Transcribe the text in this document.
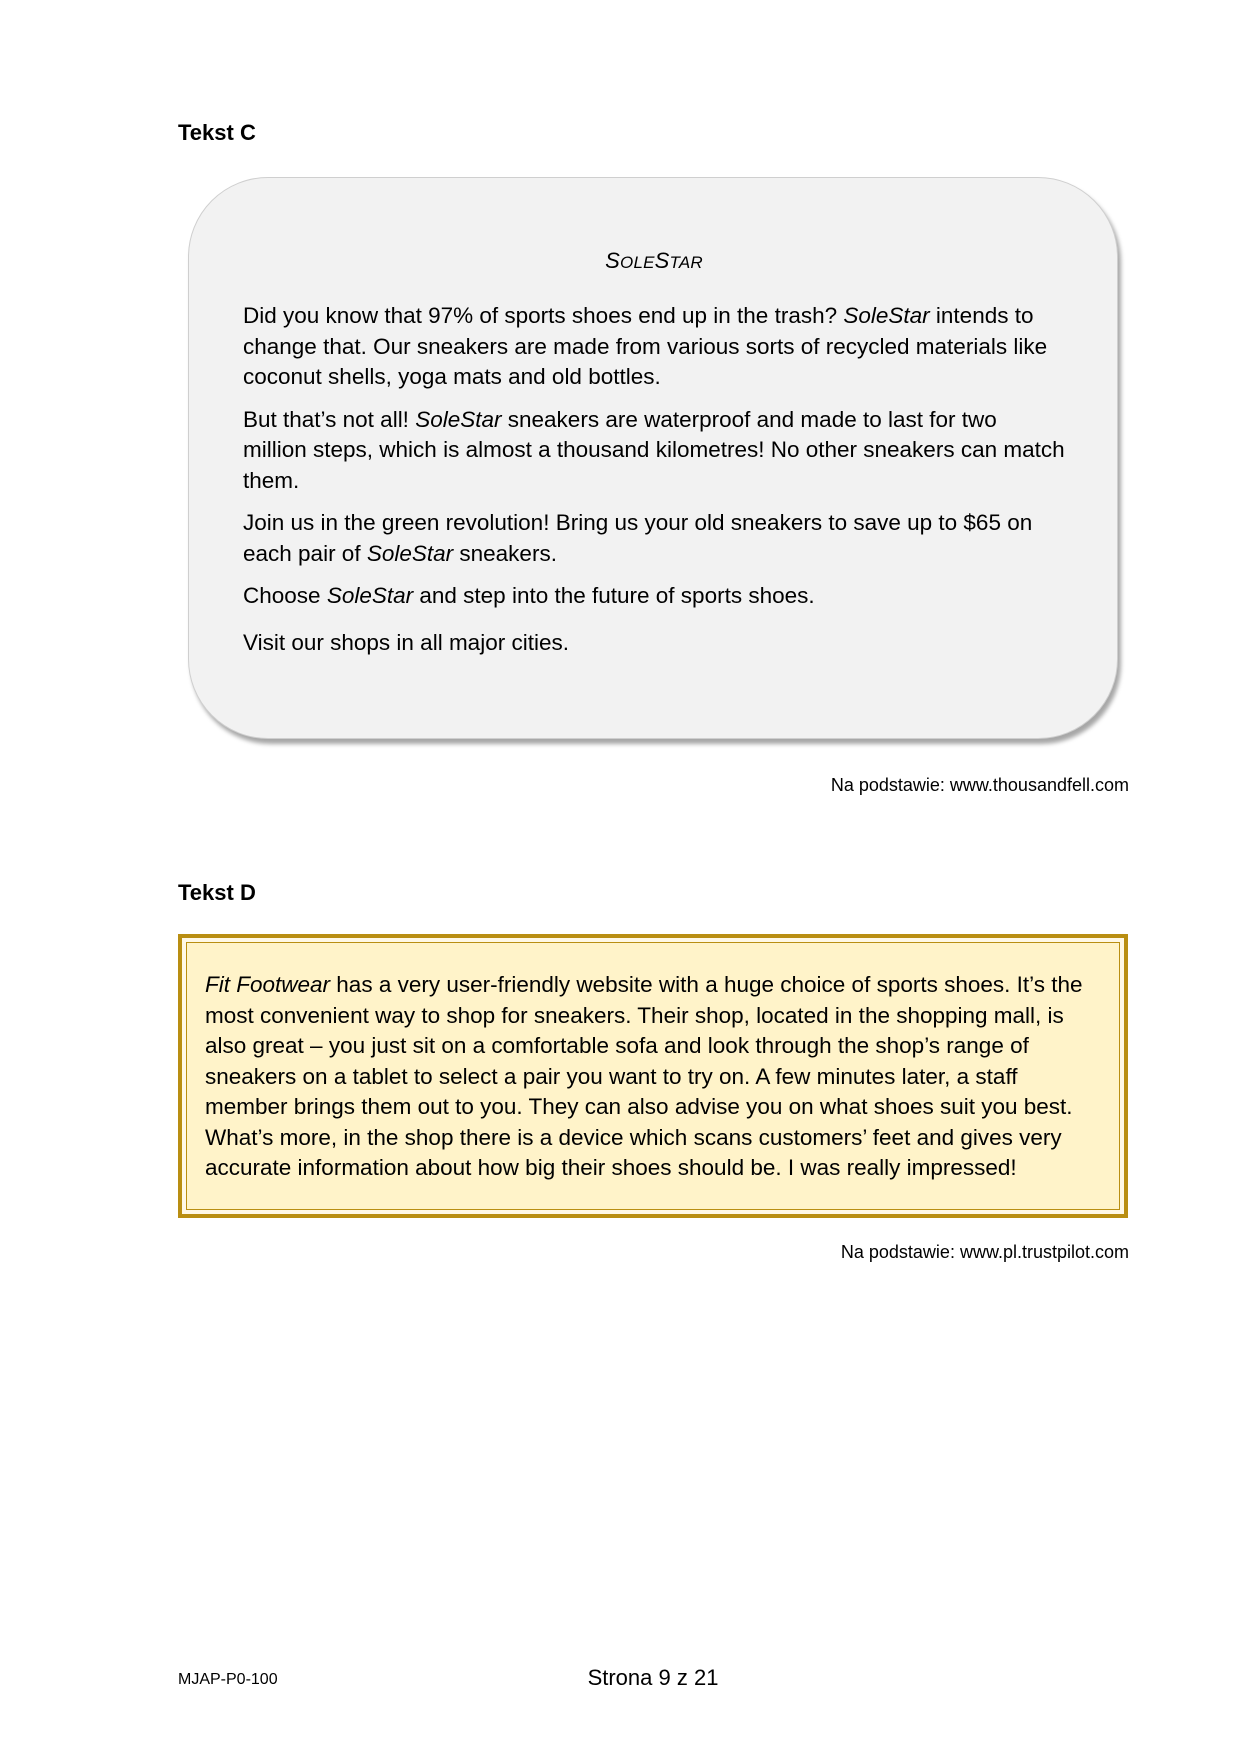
Tekst C
SOLESTAR

Did you know that 97% of sports shoes end up in the trash? SoleStar intends to change that. Our sneakers are made from various sorts of recycled materials like coconut shells, yoga mats and old bottles.

But that’s not all! SoleStar sneakers are waterproof and made to last for two million steps, which is almost a thousand kilometres! No other sneakers can match them.

Join us in the green revolution! Bring us your old sneakers to save up to $65 on each pair of SoleStar sneakers.

Choose SoleStar and step into the future of sports shoes.

Visit our shops in all major cities.

Na podstawie: www.thousandfell.com

Tekst D

Fit Footwear has a very user-friendly website with a huge choice of sports shoes. It’s the most convenient way to shop for sneakers. Their shop, located in the shopping mall, is also great – you just sit on a comfortable sofa and look through the shop’s range of sneakers on a tablet to select a pair you want to try on. A few minutes later, a staff member brings them out to you. They can also advise you on what shoes suit you best. What’s more, in the shop there is a device which scans customers’ feet and gives very accurate information about how big their shoes should be. I was really impressed!

Na podstawie: www.pl.trustpilot.com

MJAP-P0-100	Strona 9 z 21
